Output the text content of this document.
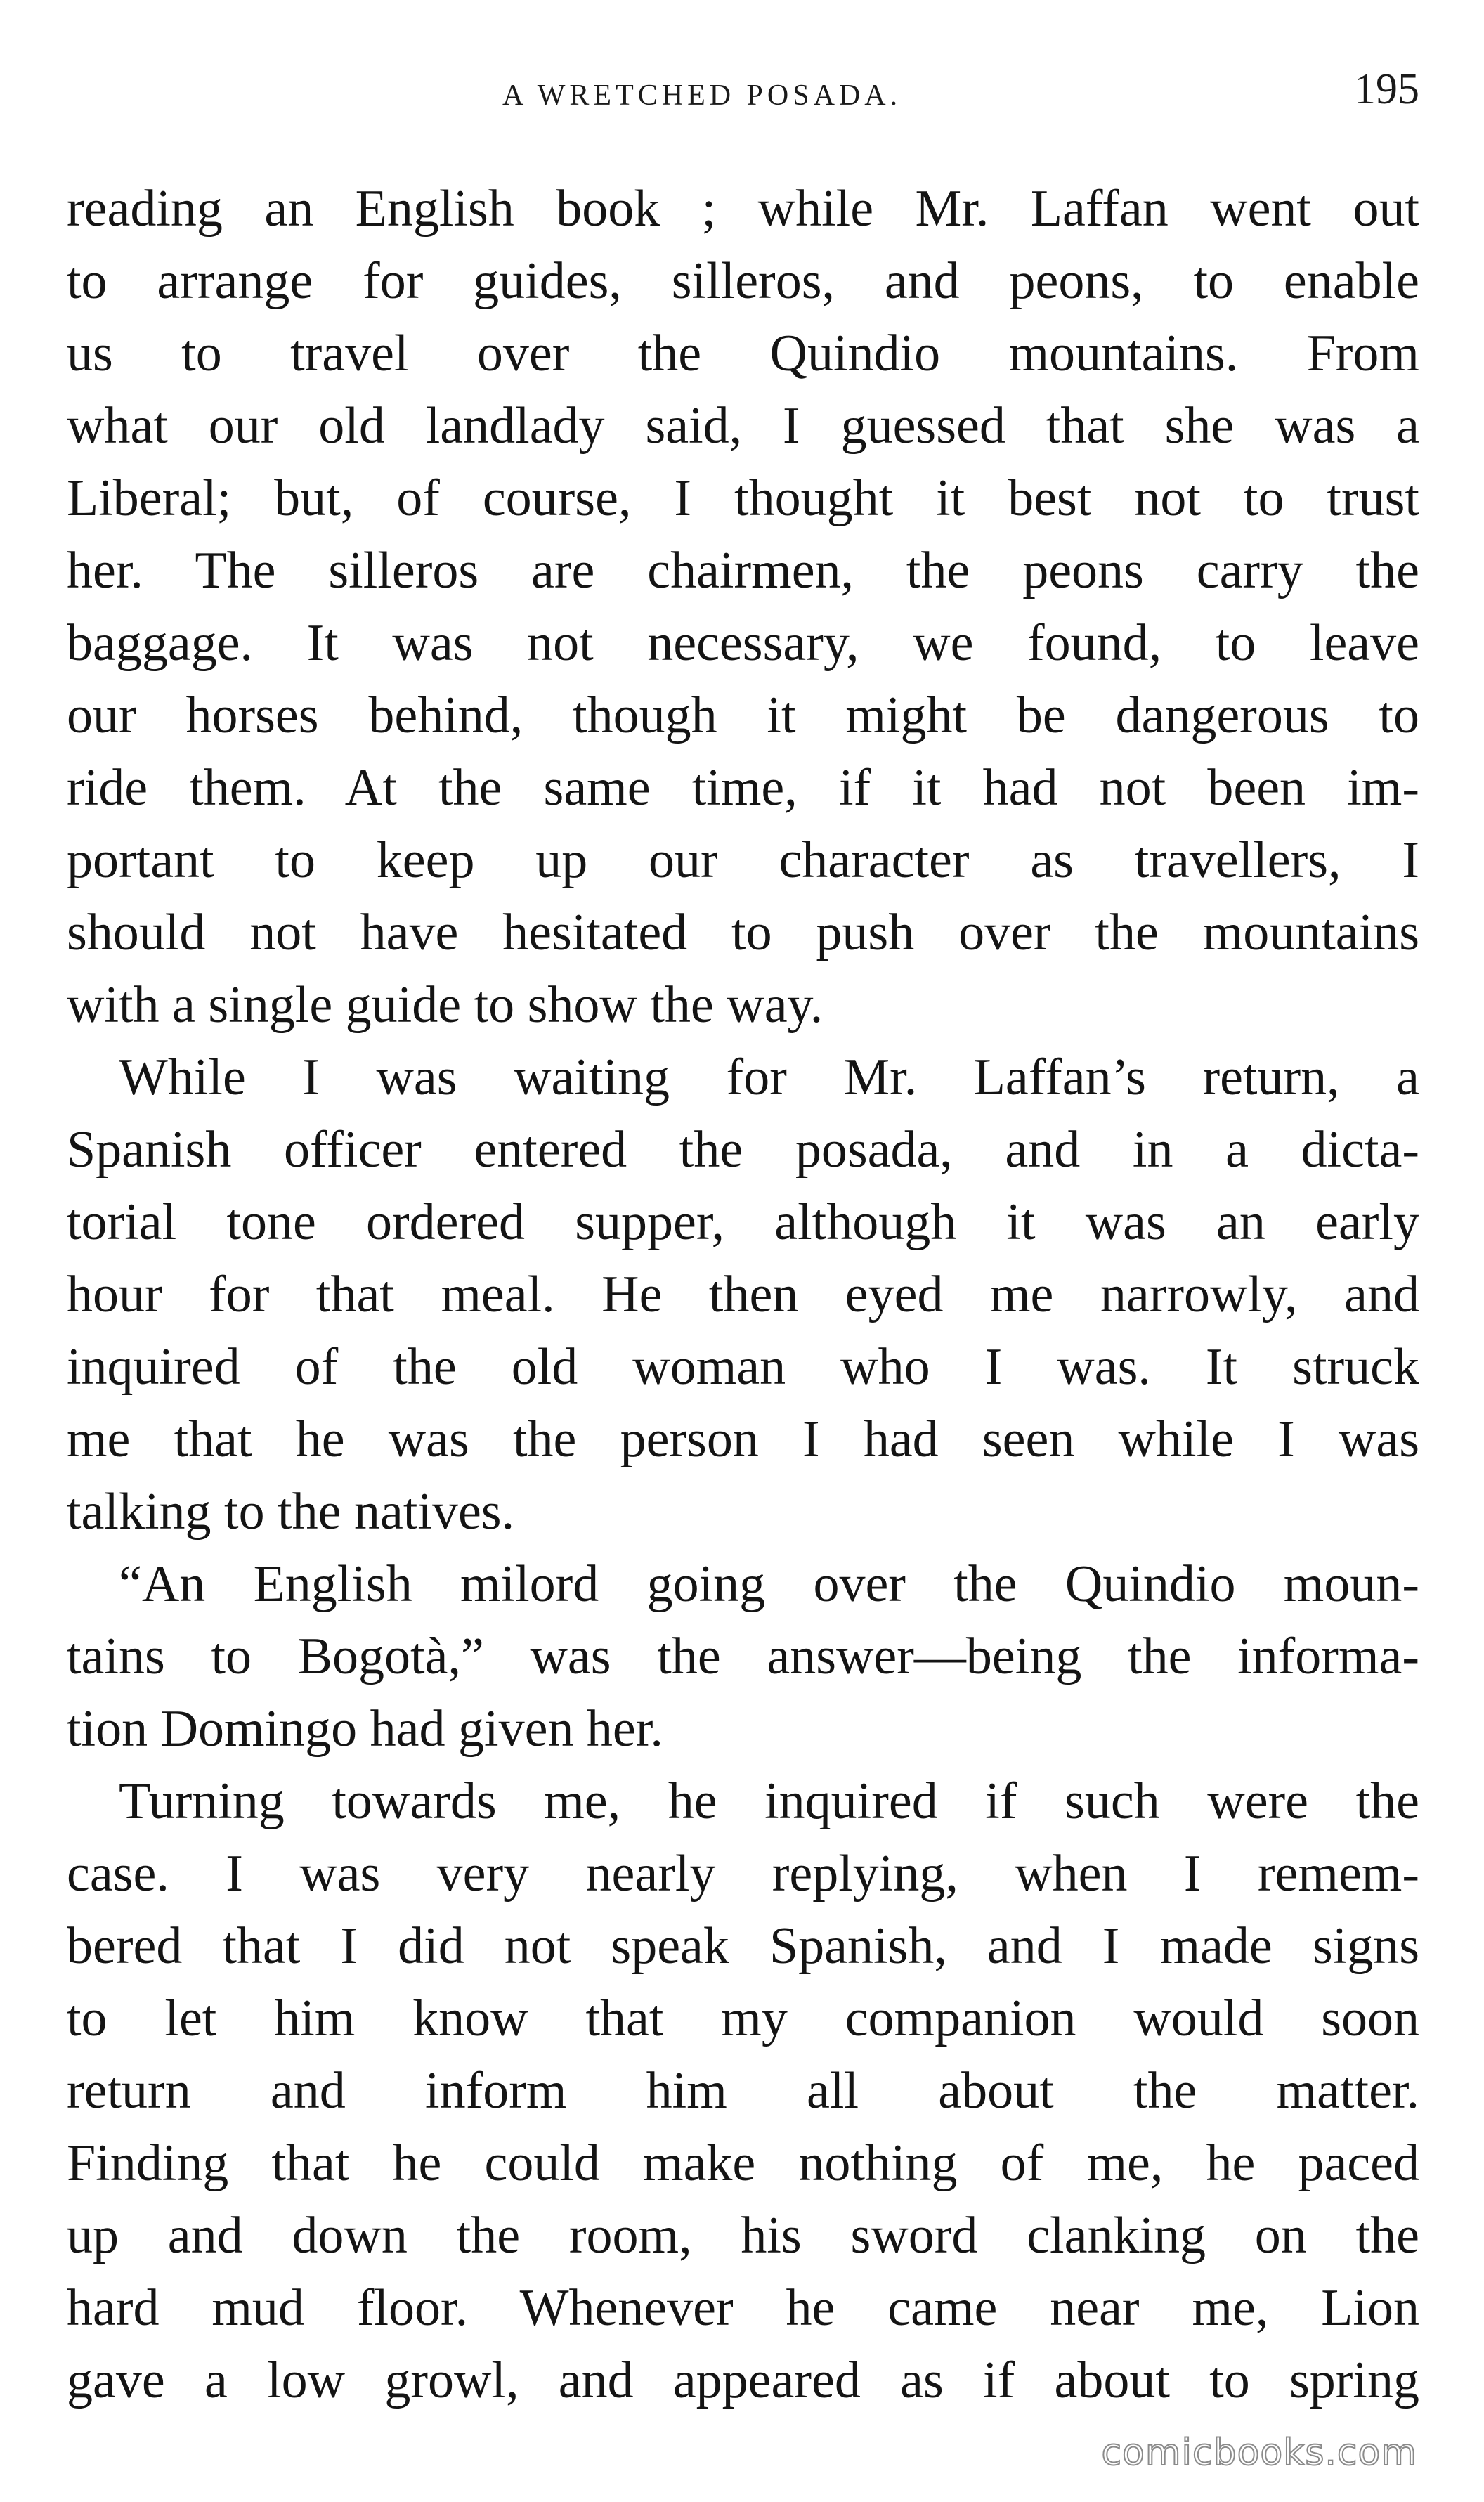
A WRETCHED POSADA.	195
reading an English book ; while Mr. Laffan went out
to arrange for guides, silleros, and peons, to enable
us to travel over the Quindio mountains. From
what our old landlady said, I guessed that she was a
Liberal; but, of course, I thought it best not to trust
her. The silleros are chairmen, the peons carry the
baggage. It was not necessary, we found, to leave
our horses behind, though it might be dangerous to
ride them. At the same time, if it had not been im-
portant to keep up our character as travellers, I
should not have hesitated to push over the mountains
with a single guide to show the way.
 While I was waiting for Mr. Laffan’s return, a
Spanish officer entered the posada, and in a dicta-
torial tone ordered supper, although it was an early
hour for that meal. He then eyed me narrowly, and
inquired of the old woman who I was. It struck
me that he was the person I had seen while I was
talking to the natives.
 “An English milord going over the Quindio moun-
tains to Bogotà,” was the answer—being the informa-
tion Domingo had given her.
 Turning towards me, he inquired if such were the
case. I was very nearly replying, when I remem-
bered that I did not speak Spanish, and I made signs
to let him know that my companion would soon
return and inform him all about the matter.
Finding that he could make nothing of me, he paced
up and down the room, his sword clanking on the
hard mud floor. Whenever he came near me, Lion
gave a low growl, and appeared as if about to spring
comicbooks.com
